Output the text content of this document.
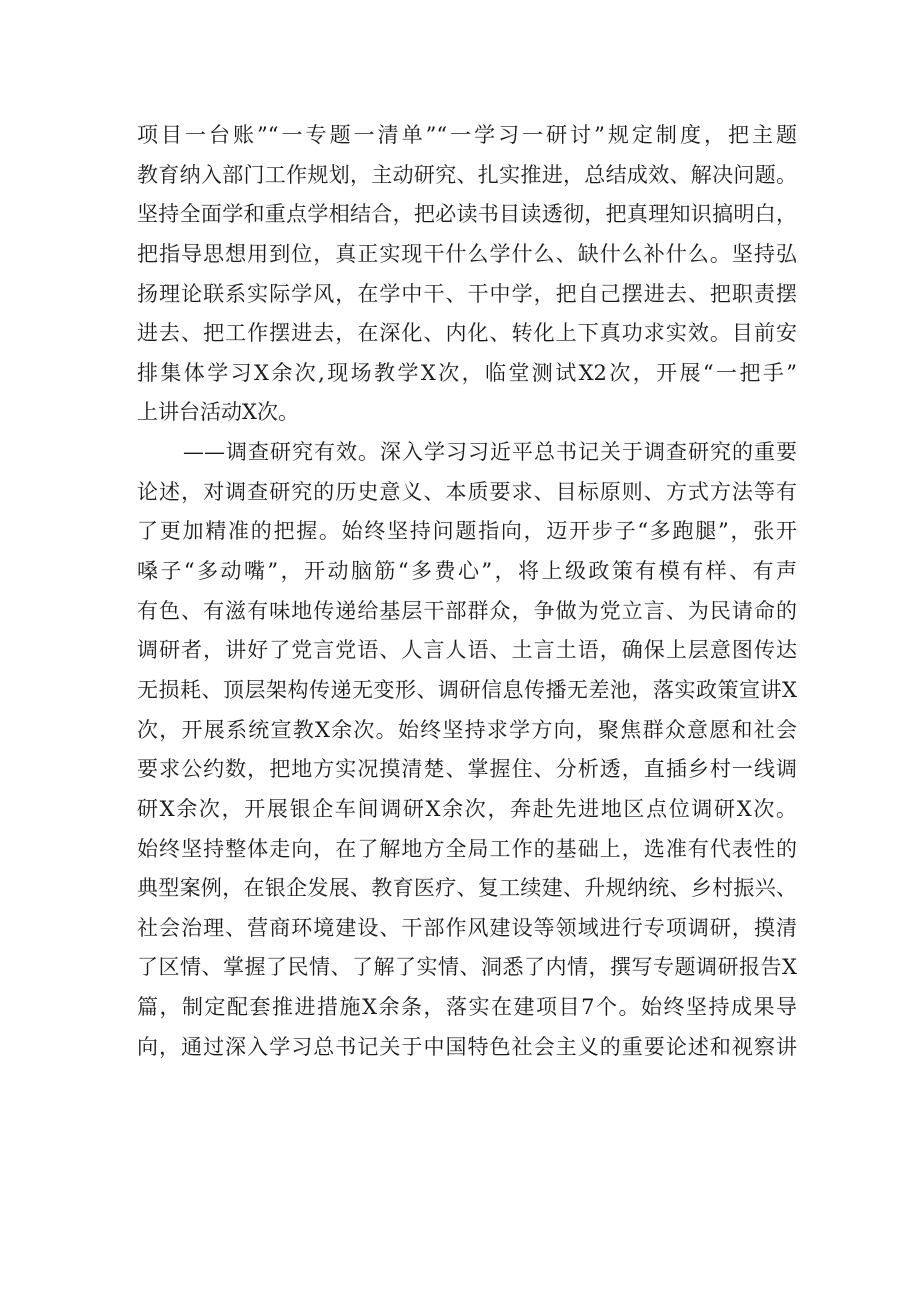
项目一台账”“一专题一清单”“一学习一研讨”规定制度，把主题
教育纳入部门工作规划，主动研究、扎实推进，总结成效、解决问题。
坚持全面学和重点学相结合，把必读书目读透彻，把真理知识搞明白，
把指导思想用到位，真正实现干什么学什么、缺什么补什么。坚持弘
扬理论联系实际学风，在学中干、干中学，把自己摆进去、把职责摆
进去、把工作摆进去，在深化、内化、转化上下真功求实效。目前安
排集体学习X余次,现场教学X次，临堂测试X2次，开展“一把手”
上讲台活动X次。
——调查研究有效。深入学习习近平总书记关于调查研究的重要
论述，对调查研究的历史意义、本质要求、目标原则、方式方法等有
了更加精准的把握。始终坚持问题指向，迈开步子“多跑腿”，张开
嗓子“多动嘴”，开动脑筋“多费心”，将上级政策有模有样、有声
有色、有滋有味地传递给基层干部群众，争做为党立言、为民请命的
调研者，讲好了党言党语、人言人语、土言土语，确保上层意图传达
无损耗、顶层架构传递无变形、调研信息传播无差池，落实政策宣讲X
次，开展系统宣教X余次。始终坚持求学方向，聚焦群众意愿和社会
要求公约数，把地方实况摸清楚、掌握住、分析透，直插乡村一线调
研X余次，开展银企车间调研X余次，奔赴先进地区点位调研X次。
始终坚持整体走向，在了解地方全局工作的基础上，选准有代表性的
典型案例，在银企发展、教育医疗、复工续建、升规纳统、乡村振兴、
社会治理、营商环境建设、干部作风建设等领域进行专项调研，摸清
了区情、掌握了民情、了解了实情、洞悉了内情，撰写专题调研报告X
篇，制定配套推进措施X余条，落实在建项目7个。始终坚持成果导
向，通过深入学习总书记关于中国特色社会主义的重要论述和视察讲
